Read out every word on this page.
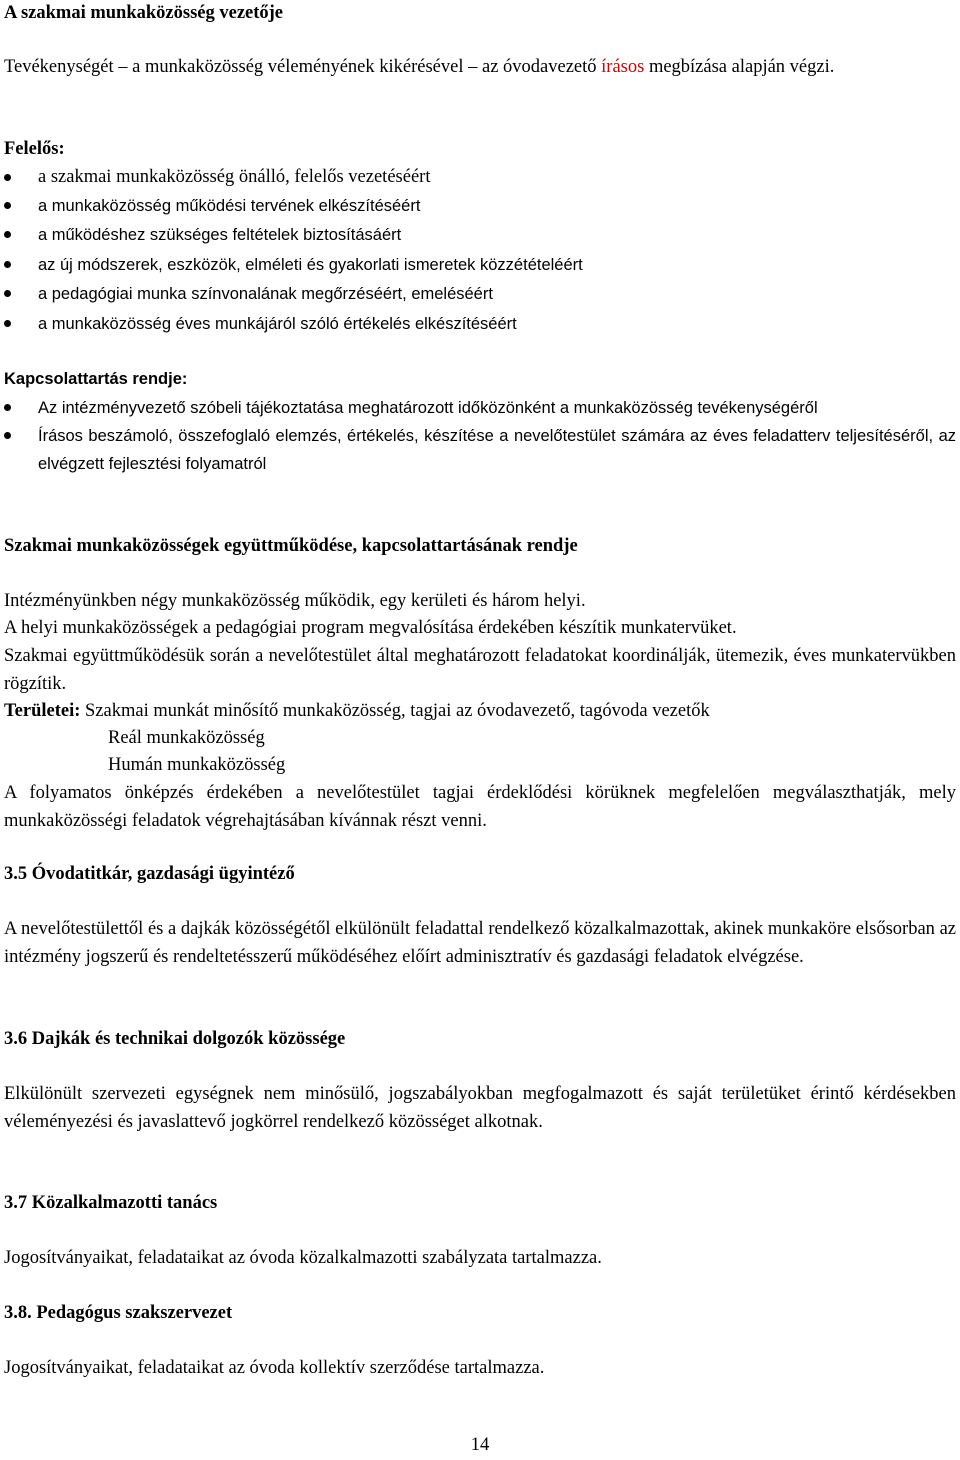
A szakmai munkaközösség vezetője

Tevékenységét – a munkaközösség véleményének kikérésével – az óvodavezető írásos megbízása alapján végzi.

Felelős:

a szakmai munkaközösség önálló, felelős vezetéséért
a munkaközösség működési tervének elkészítéséért
a működéshez szükséges feltételek biztosításáért
az új módszerek, eszközök, elméleti és gyakorlati ismeretek közzétételéért
a pedagógiai munka színvonalának megőrzéséért, emeléséért
a munkaközösség éves munkájáról szóló értékelés elkészítéséért

Kapcsolattartás rendje:

Az intézményvezető szóbeli tájékoztatása meghatározott időközönként a munkaközösség tevékenységéről
Írásos beszámoló, összefoglaló elemzés, értékelés, készítése a nevelőtestület számára az éves feladatterv teljesítéséről, az elvégzett fejlesztési folyamatról

Szakmai munkaközösségek együttműködése, kapcsolattartásának rendje

Intézményünkben négy munkaközösség működik, egy kerületi és három helyi.

A helyi munkaközösségek a pedagógiai program megvalósítása érdekében készítik munkatervüket.

Szakmai együttműködésük során a nevelőtestület által meghatározott feladatokat koordinálják, ütemezik, éves munkatervükben rögzítik.

Területei: Szakmai munkát minősítő munkaközösség, tagjai az óvodavezető, tagóvoda vezetők

Reál munkaközösség

Humán munkaközösség

A folyamatos önképzés érdekében a nevelőtestület tagjai érdeklődési körüknek megfelelően megválaszthatják, mely munkaközösségi feladatok végrehajtásában kívánnak részt venni.

3.5 Óvodatitkár, gazdasági ügyintéző

A nevelőtestülettől és a dajkák közösségétől elkülönült feladattal rendelkező közalkalmazottak, akinek munkaköre elsősorban az intézmény jogszerű és rendeltetésszerű működéséhez előírt adminisztratív és gazdasági feladatok elvégzése.

3.6 Dajkák és technikai dolgozók közössége

Elkülönült szervezeti egységnek nem minősülő, jogszabályokban megfogalmazott és saját területüket érintő kérdésekben véleményezési és javaslattevő jogkörrel rendelkező közösséget alkotnak.

3.7 Közalkalmazotti tanács

Jogosítványaikat, feladataikat az óvoda közalkalmazotti szabályzata tartalmazza.

3.8. Pedagógus szakszervezet

Jogosítványaikat, feladataikat az óvoda kollektív szerződése tartalmazza.

14
